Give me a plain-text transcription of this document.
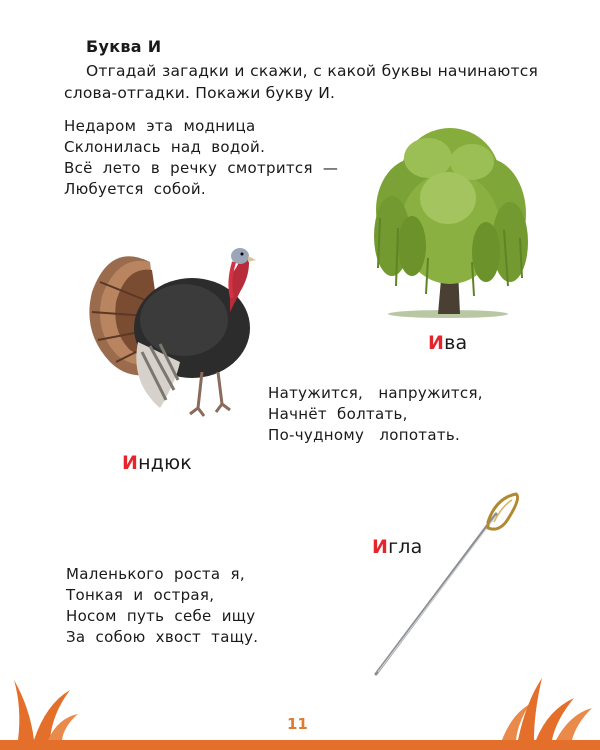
Буква И
Отгадай загадки и скажи, с какой буквы начинаются слова-отгадки. Покажи букву И.
Недаром  эта  модница
Склонилась  над  водой.
Всё  лето  в  речку  смотрится  —
Любуется  собой.
Ива
Индюк
Натужится,   напружится,
Начнёт  болтать,
По-чудному   лопотать.
Игла
Маленького  роста  я,
Тонкая  и  острая,
Носом  путь  себе  ищу
За  собою  хвост  тащу.
11
